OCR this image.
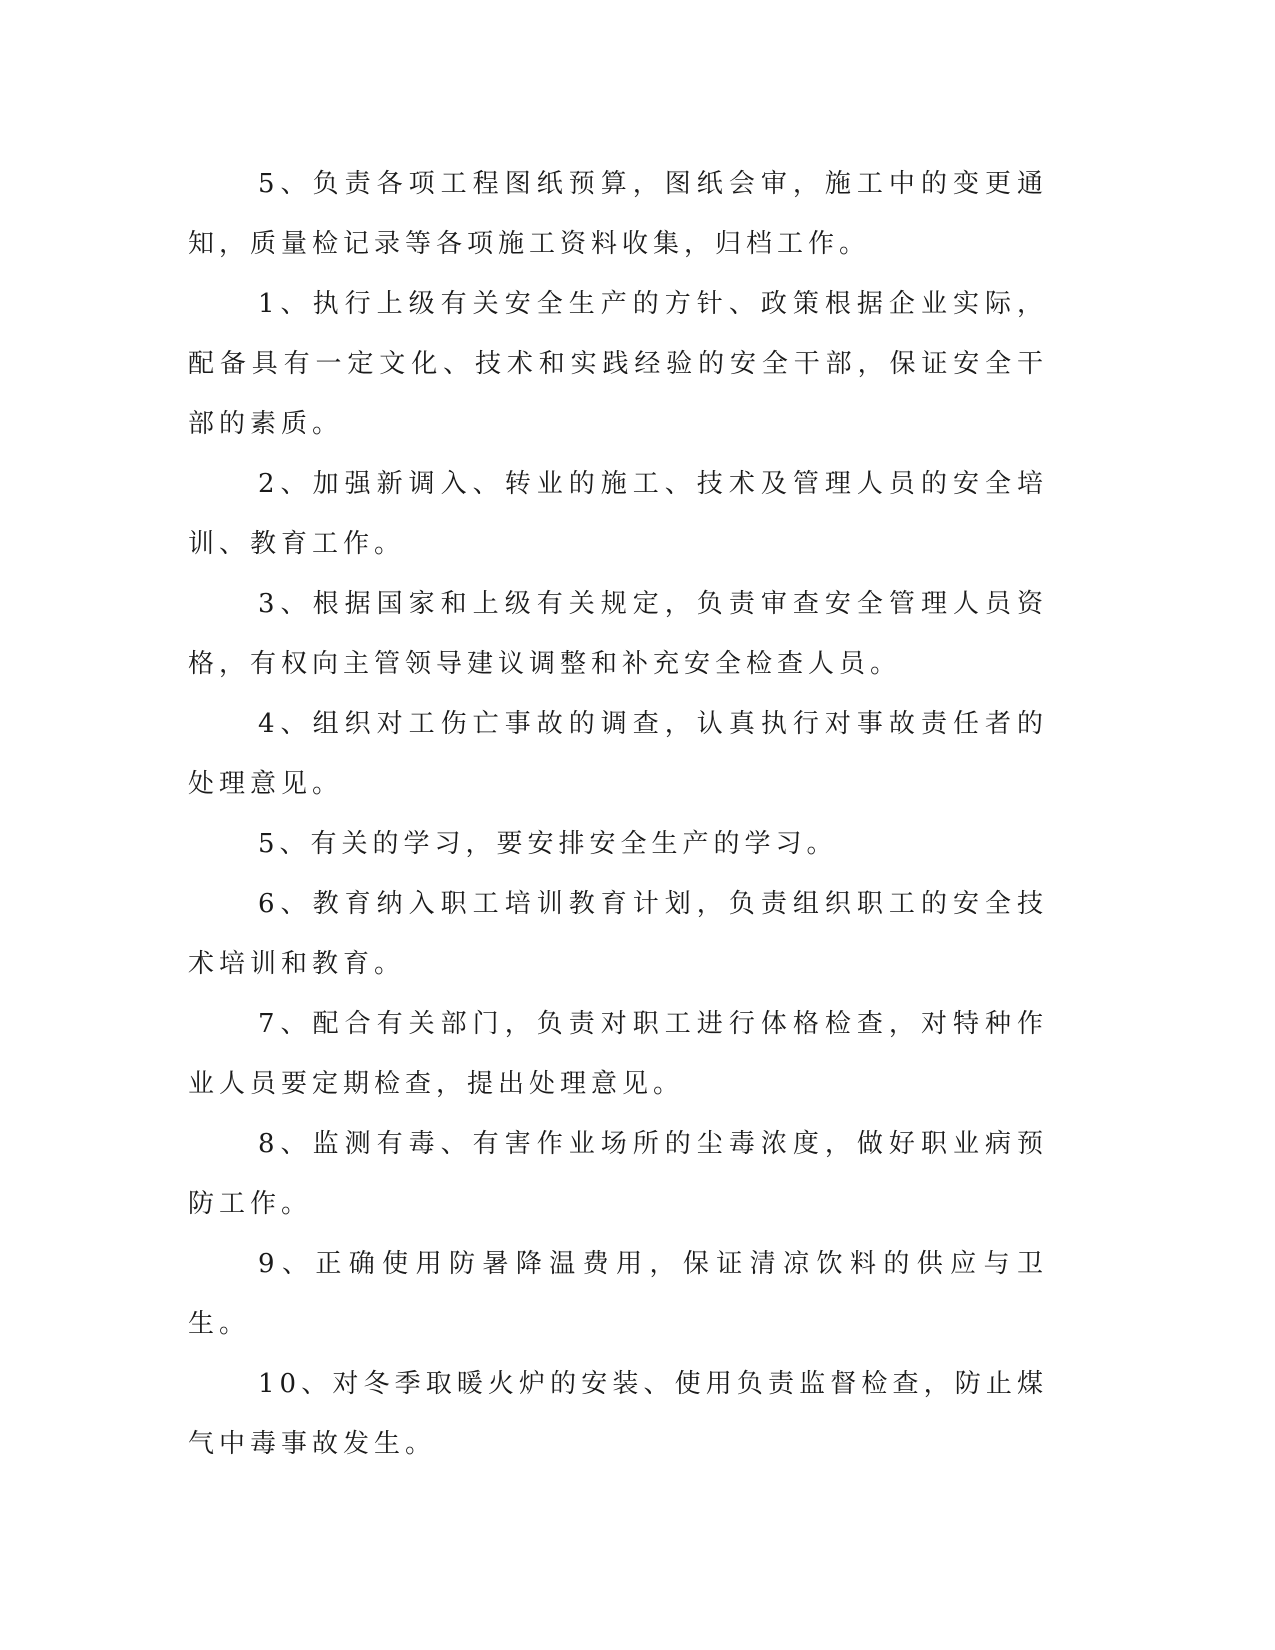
5、负责各项工程图纸预算，图纸会审，施工中的变更通知，质量检记录等各项施工资料收集，归档工作。

1、执行上级有关安全生产的方针、政策根据企业实际，配备具有一定文化、技术和实践经验的安全干部，保证安全干部的素质。

2、加强新调入、转业的施工、技术及管理人员的安全培训、教育工作。

3、根据国家和上级有关规定，负责审查安全管理人员资格，有权向主管领导建议调整和补充安全检查人员。

4、组织对工伤亡事故的调查，认真执行对事故责任者的处理意见。

5、有关的学习，要安排安全生产的学习。

6、教育纳入职工培训教育计划，负责组织职工的安全技术培训和教育。

7、配合有关部门，负责对职工进行体格检查，对特种作业人员要定期检查，提出处理意见。

8、监测有毒、有害作业场所的尘毒浓度，做好职业病预防工作。

9、正确使用防暑降温费用，保证清凉饮料的供应与卫生。

10、对冬季取暖火炉的安装、使用负责监督检查，防止煤气中毒事故发生。
